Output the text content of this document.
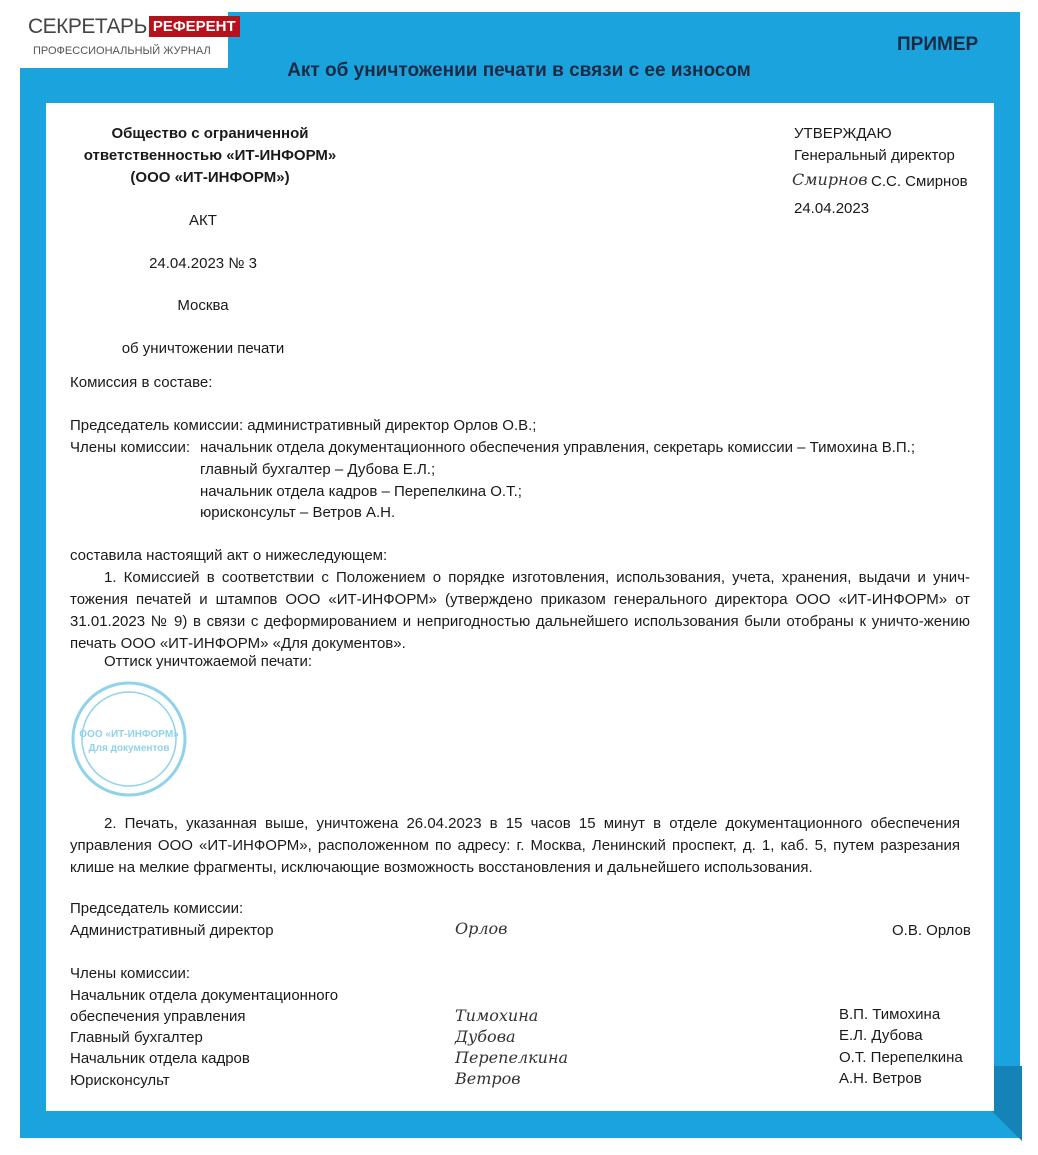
СЕКРЕТАРЬ РЕФЕРЕНТ
ПРОФЕССИОНАЛЬНЫЙ ЖУРНАЛ	ПРИМЕР
Акт об уничтожении печати в связи с ее износом
Общество с ограниченной
ответственностью «ИТ-ИНФОРМ»
(ООО «ИТ-ИНФОРМ»)
АКТ
24.04.2023 № 3
Москва
об уничтожении печати
УТВЕРЖДАЮ
Генеральный директор
Смирнов С.С. Смирнов
24.04.2023
Комиссия в составе:
Председатель комиссии: административный директор Орлов О.В.;
Члены комиссии: начальник отдела документационного обеспечения управления, секретарь комиссии – Тимохина В.П.;
главный бухгалтер – Дубова Е.Л.;
начальник отдела кадров – Перепелкина О.Т.;
юрисконсульт – Ветров А.Н.
составила настоящий акт о нижеследующем:
1. Комиссией в соответствии с Положением о порядке изготовления, использования, учета, хранения, выдачи и унич-тожения печатей и штампов ООО «ИТ-ИНФОРМ» (утверждено приказом генерального директора ООО «ИТ-ИНФОРМ» от 31.01.2023 № 9) в связи с деформированием и непригодностью дальнейшего использования были отобраны к уничто-жению печать ООО «ИТ-ИНФОРМ» «Для документов».
Оттиск уничтожаемой печати:
ООО «ИТ-ИНФОРМ»
Для документов
2. Печать, указанная выше, уничтожена 26.04.2023 в 15 часов 15 минут в отделе документационного обеспечения управления ООО «ИТ-ИНФОРМ», расположенном по адресу: г. Москва, Ленинский проспект, д. 1, каб. 5, путем разрезания клише на мелкие фрагменты, исключающие возможность восстановления и дальнейшего использования.
Председатель комиссии:
Административный директор	Орлов	О.В. Орлов
Члены комиссии:
Начальник отдела документационного
обеспечения управления	Тимохина	В.П. Тимохина
Главный бухгалтер	Дубова	Е.Л. Дубова
Начальник отдела кадров	Перепелкина	О.Т. Перепелкина
Юрисконсульт	Ветров	А.Н. Ветров
